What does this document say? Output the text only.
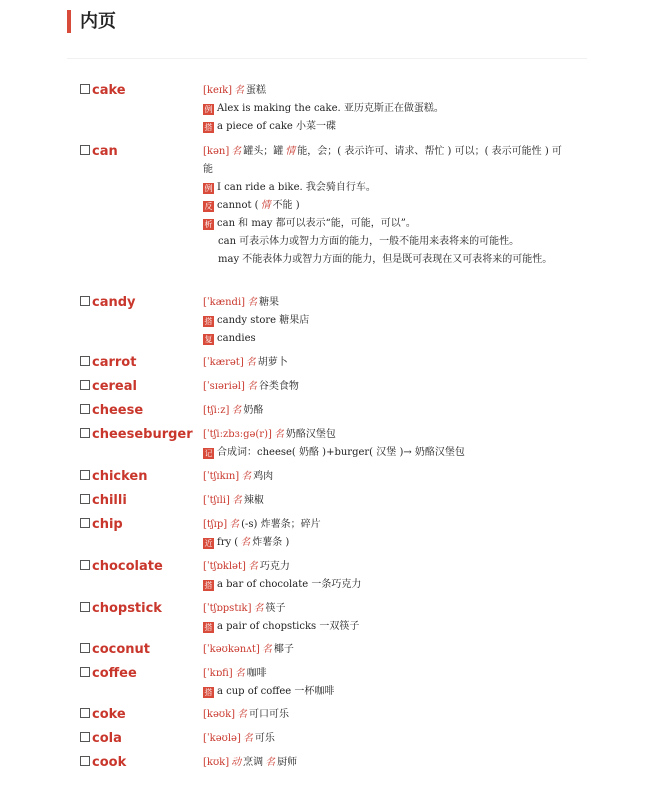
内页
cake	[keɪk] 名 蛋糕
例 Alex is making the cake. 亚历克斯正在做蛋糕。
搭 a piece of cake 小菜一碟
can	[kən] 名 罐头；罐 情 能，会；( 表示许可、请求、帮忙 ) 可以；( 表示可能性 ) 可能
例 I can ride a bike. 我会骑自行车。
反 cannot ( 情 不能 )
析 can 和 may 都可以表示“能，可能，可以”。
can 可表示体力或智力方面的能力，一般不能用来表将来的可能性。
may 不能表体力或智力方面的能力，但是既可表现在又可表将来的可能性。
candy	[ˈkændi] 名 糖果
搭 candy store 糖果店
复 candies
carrot	[ˈkærət] 名 胡萝卜
cereal	[ˈsɪəriəl] 名 谷类食物
cheese	[tʃiːz] 名 奶酪
cheeseburger [ˈtʃiːzbɜːgə(r)] 名 奶酪汉堡包
记 合成词：cheese( 奶酪 )+burger( 汉堡 )→ 奶酪汉堡包
chicken	[ˈtʃɪkɪn] 名 鸡肉
chilli	[ˈtʃɪli] 名 辣椒
chip	[tʃɪp] 名 (-s) 炸薯条；碎片
近 fry ( 名 炸薯条 )
chocolate	[ˈtʃɒklət] 名 巧克力
搭 a bar of chocolate 一条巧克力
chopstick	[ˈtʃɒpstɪk] 名 筷子
搭 a pair of chopsticks 一双筷子
coconut	[ˈkəʊkənʌt] 名 椰子
coffee	[ˈkɒfi] 名 咖啡
搭 a cup of coffee 一杯咖啡
coke	[kəʊk] 名 可口可乐
cola	[ˈkəʊlə] 名 可乐
cook	[kʊk] 动 烹调 名 厨师
